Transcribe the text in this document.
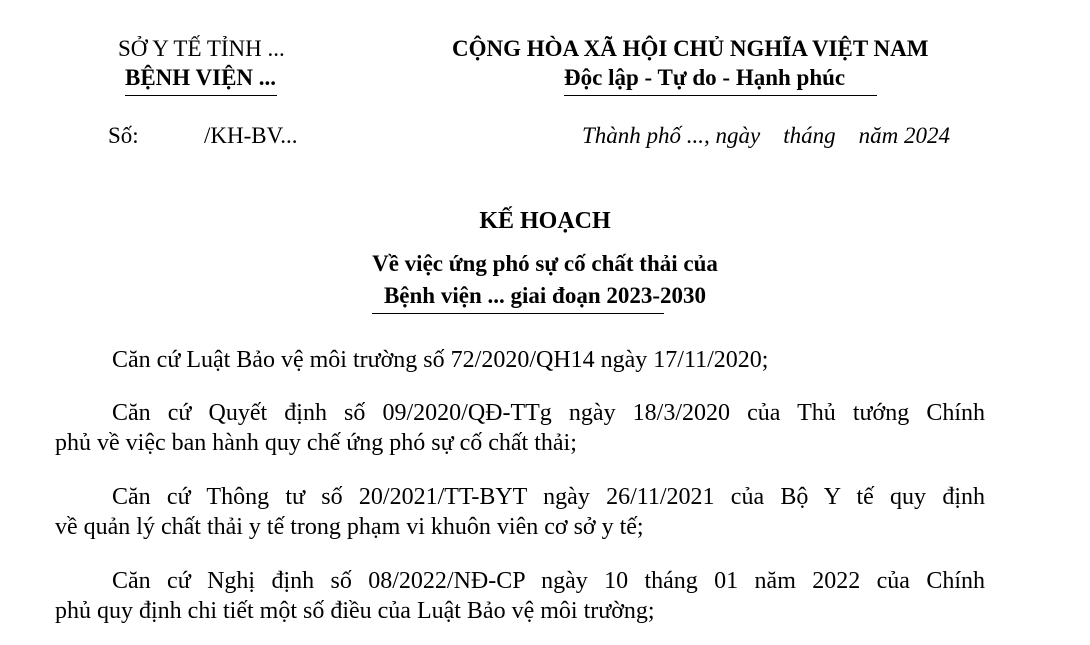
SỞ Y TẾ TỈNH ...
BỆNH VIỆN ...
CỘNG HÒA XÃ HỘI CHỦ NGHĨA VIỆT NAM
Độc lập - Tự do - Hạnh phúc
Số:	/KH-BV...	Thành phố ..., ngày    tháng    năm 2024
KẾ HOẠCH
Về việc ứng phó sự cố chất thải của
Bệnh viện ... giai đoạn 2023-2030
Căn cứ Luật Bảo vệ môi trường số 72/2020/QH14 ngày 17/11/2020;
Căn cứ Quyết định số 09/2020/QĐ-TTg ngày 18/3/2020 của Thủ tướng Chính
phủ về việc ban hành quy chế ứng phó sự cố chất thải;
Căn cứ Thông tư số 20/2021/TT-BYT ngày 26/11/2021 của Bộ Y tế quy định
về quản lý chất thải y tế trong phạm vi khuôn viên cơ sở y tế;
Căn cứ Nghị định số 08/2022/NĐ-CP ngày 10 tháng 01 năm 2022 của Chính
phủ quy định chi tiết một số điều của Luật Bảo vệ môi trường;
